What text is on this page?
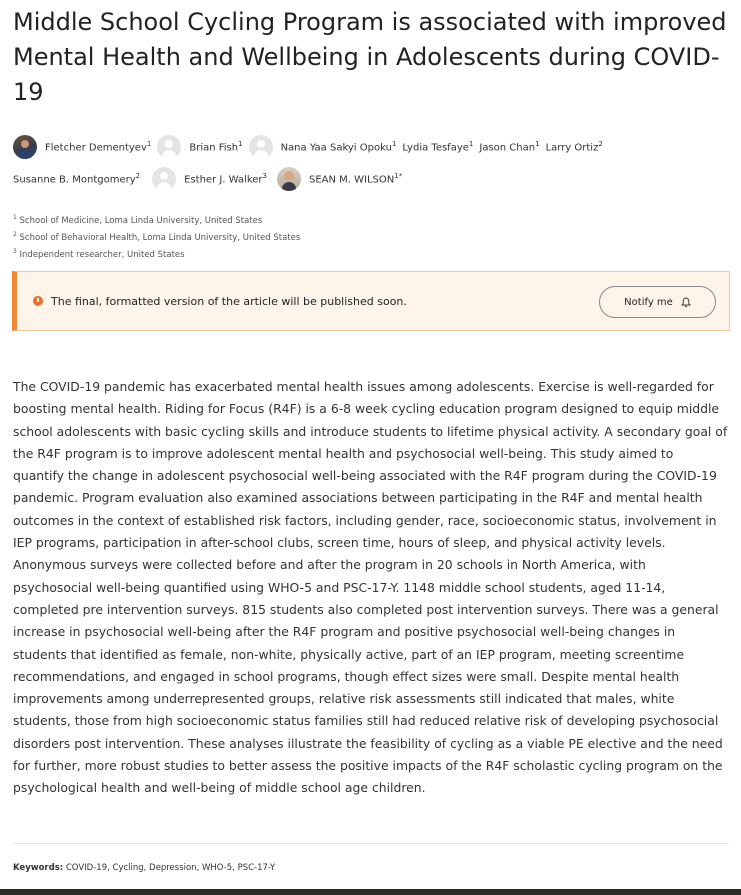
Middle School Cycling Program is associated with improved Mental Health and Wellbeing in Adolescents during COVID-19
Fletcher Dementyev$^1$	Brian Fish$^1$	Nana Yaa Sakyi Opoku$^1$ Lydia Tesfaye$^1$ Jason Chan$^1$ Larry Ortiz$^2$
Susanne B. Montgomery$^2$	Esther J. Walker$^3$	SEAN M. $WILSON^{1*}$
$^1$ School of Medicine, Loma Linda University, United States
$^2$ School of Behavioral Health, Loma Linda University, United States
$^3$ Independent researcher, United States
The final, formatted version of the article will be published soon.	Notify me

The COVID-19 pandemic has exacerbated mental health issues among adolescents. Exercise is well-regarded for boosting mental health. Riding for Focus (R4F) is a 6-8 week cycling education program designed to equip middle school adolescents with basic cycling skills and introduce students to lifetime physical activity. A secondary goal of the R4F program is to improve adolescent mental health and psychosocial well-being. This study aimed to quantify the change in adolescent psychosocial well-being associated with the R4F program during the COVID-19 pandemic. Program evaluation also examined associations between participating in the R4F and mental health outcomes in the context of established risk factors, including gender, race, socioeconomic status, involvement in IEP programs, participation in after-school clubs, screen time, hours of sleep, and physical activity levels. Anonymous surveys were collected before and after the program in 20 schools in North America, with psychosocial well-being quantified using WHO-5 and PSC-17-Y. 1148 middle school students, aged 11-14, completed pre intervention surveys. 815 students also completed post intervention surveys. There was a general increase in psychosocial well-being after the R4F program and positive psychosocial well-being changes in students that identified as female, non-white, physically active, part of an IEP program, meeting screentime recommendations, and engaged in school programs, though effect sizes were small. Despite mental health improvements among underrepresented groups, relative risk assessments still indicated that males, white students, those from high socioeconomic status families still had reduced relative risk of developing psychosocial disorders post intervention. These analyses illustrate the feasibility of cycling as a viable PE elective and the need for further, more robust studies to better assess the positive impacts of the R4F scholastic cycling program on the psychological health and well-being of middle school age children.

Keywords: COVID-19, Cycling, Depression, WHO-5, PSC-17-Y
